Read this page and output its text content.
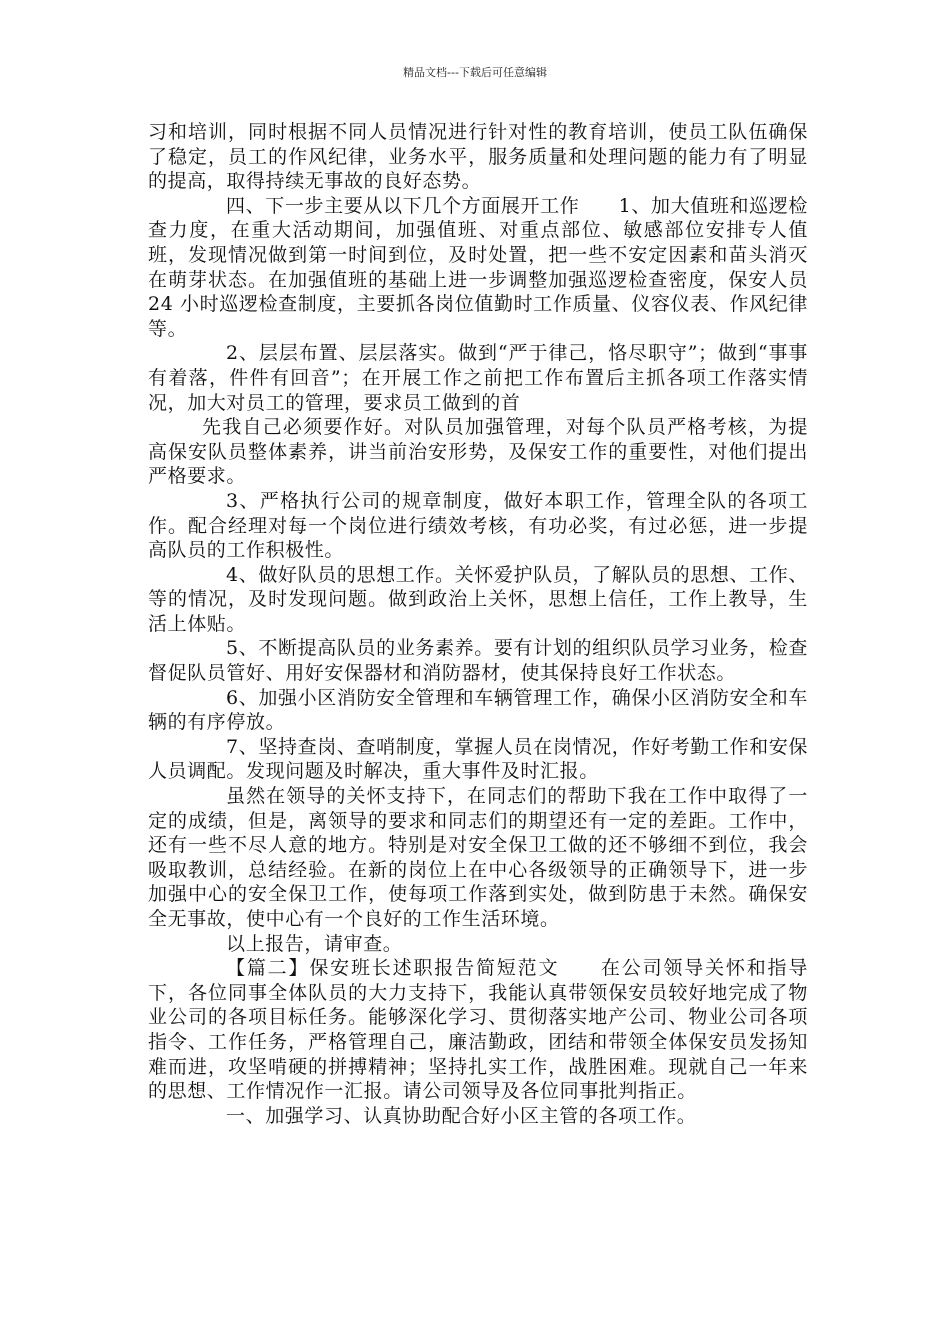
精品文档---下载后可任意编辑

习和培训，同时根据不同人员情况进行针对性的教育培训，使员工队伍确保了稳定，员工的作风纪律，业务水平，服务质量和处理问题的能力有了明显的提高，取得持续无事故的良好态势。

四、下一步主要从以下几个方面展开工作　　1、加大值班和巡逻检查力度，在重大活动期间，加强值班、对重点部位、敏感部位安排专人值班，发现情况做到第一时间到位，及时处置，把一些不安定因素和苗头消灭在萌芽状态。在加强值班的基础上进一步调整加强巡逻检查密度，保安人员 24 小时巡逻检查制度，主要抓各岗位值勤时工作质量、仪容仪表、作风纪律等。

2、层层布置、层层落实。做到“严于律己，恪尽职守”；做到“事事有着落，件件有回音”；在开展工作之前把工作布置后主抓各项工作落实情况，加大对员工的管理，要求员工做到的首

先我自己必须要作好。对队员加强管理，对每个队员严格考核，为提高保安队员整体素养，讲当前治安形势，及保安工作的重要性，对他们提出严格要求。

3、严格执行公司的规章制度，做好本职工作，管理全队的各项工作。配合经理对每一个岗位进行绩效考核，有功必奖，有过必惩，进一步提高队员的工作积极性。

4、做好队员的思想工作。关怀爱护队员，了解队员的思想、工作、等的情况，及时发现问题。做到政治上关怀，思想上信任，工作上教导，生活上体贴。

5、不断提高队员的业务素养。要有计划的组织队员学习业务，检查督促队员管好、用好安保器材和消防器材，使其保持良好工作状态。

6、加强小区消防安全管理和车辆管理工作，确保小区消防安全和车辆的有序停放。

7、坚持查岗、查哨制度，掌握人员在岗情况，作好考勤工作和安保人员调配。发现问题及时解决，重大事件及时汇报。

虽然在领导的关怀支持下，在同志们的帮助下我在工作中取得了一定的成绩，但是，离领导的要求和同志们的期望还有一定的差距。工作中，还有一些不尽人意的地方。特别是对安全保卫工做的还不够细不到位，我会吸取教训，总结经验。在新的岗位上在中心各级领导的正确领导下，进一步加强中心的安全保卫工作，使每项工作落到实处，做到防患于未然。确保安全无事故，使中心有一个良好的工作生活环境。

以上报告，请审查。

【篇二】保安班长述职报告简短范文　　在公司领导关怀和指导下，各位同事全体队员的大力支持下，我能认真带领保安员较好地完成了物业公司的各项目标任务。能够深化学习、贯彻落实地产公司、物业公司各项指令、工作任务，严格管理自己，廉洁勤政，团结和带领全体保安员发扬知难而进，攻坚啃硬的拼搏精神；坚持扎实工作，战胜困难。现就自己一年来的思想、工作情况作一汇报。请公司领导及各位同事批判指正。

一、加强学习、认真协助配合好小区主管的各项工作。
